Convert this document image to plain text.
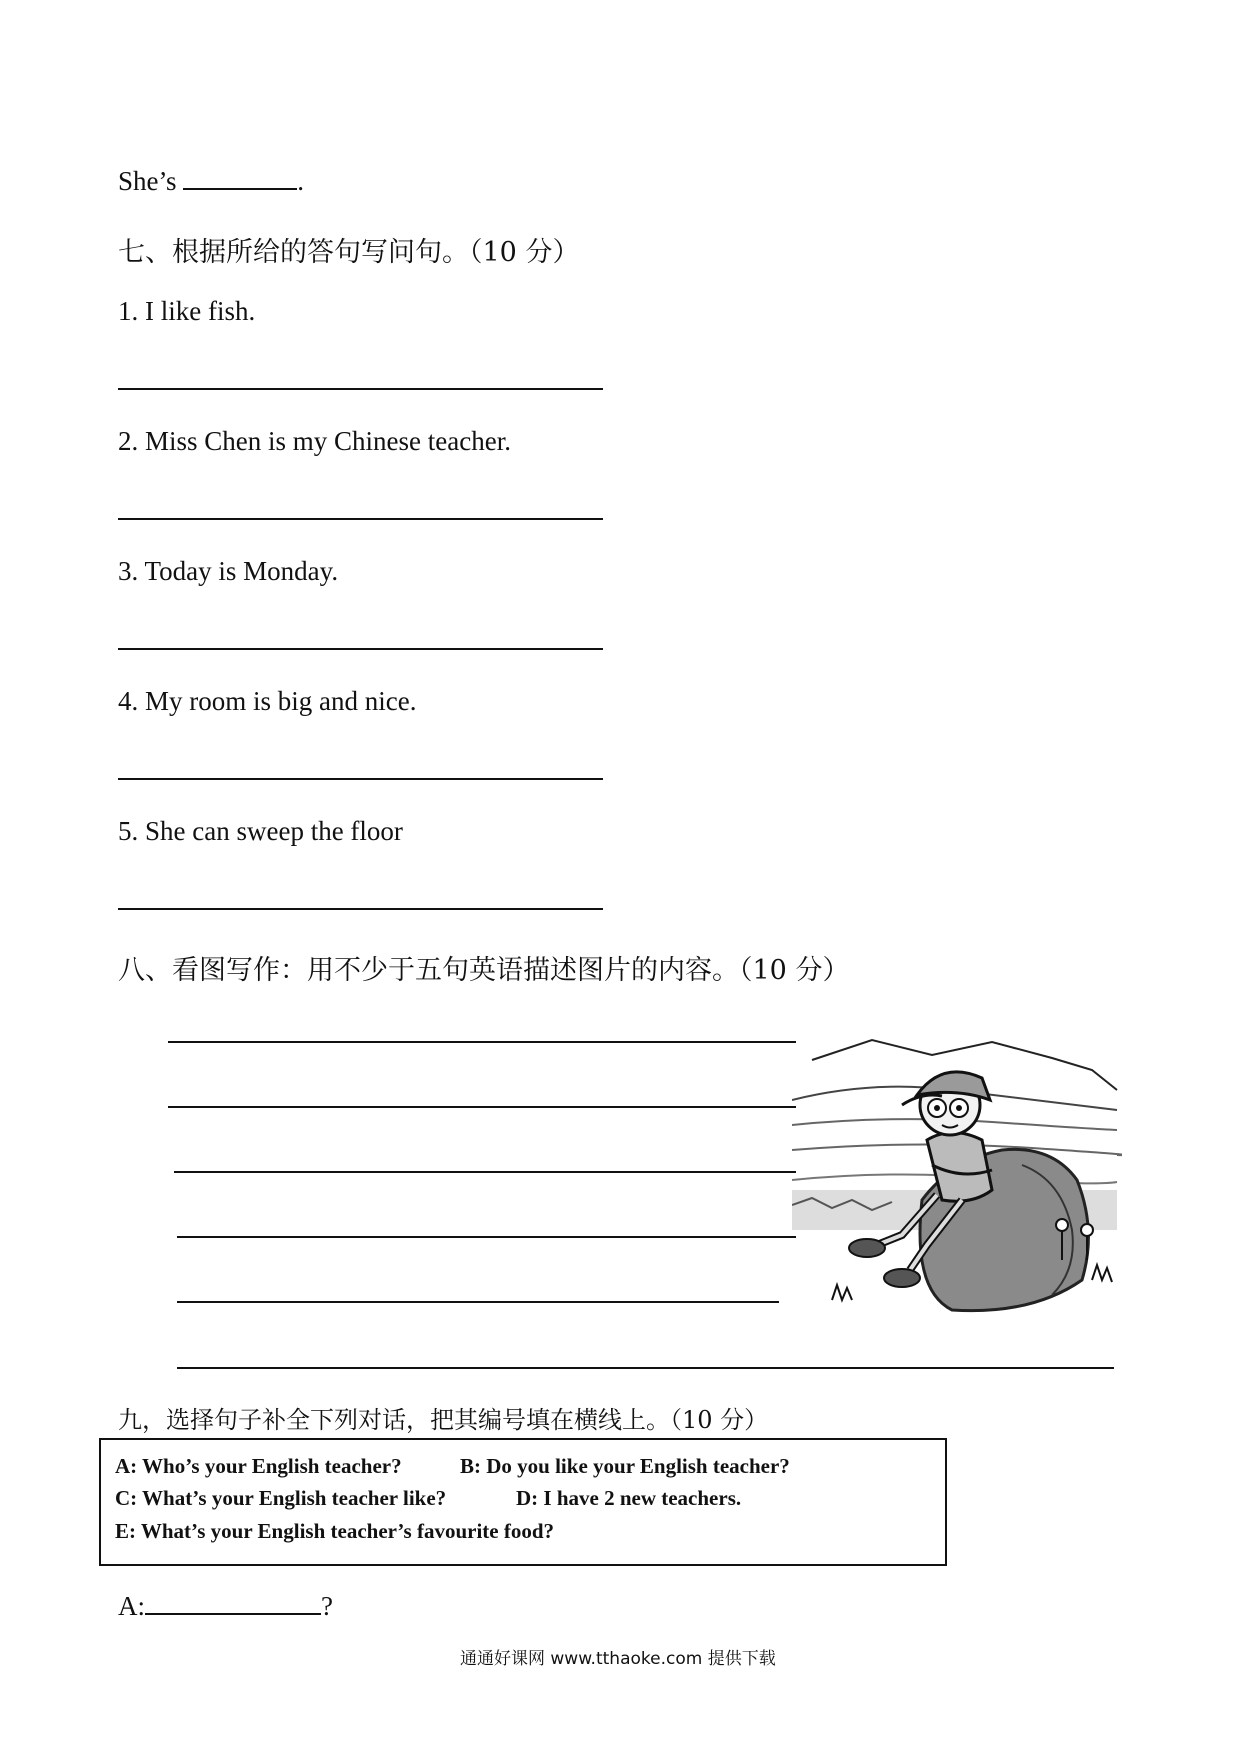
She’s	.
七、根据所给的答句写问句。（10 分）
1. I like fish.
2. Miss Chen is my Chinese teacher.
3. Today is Monday.
4. My room is big and nice.
5. She can sweep the floor
八、看图写作：用不少于五句英语描述图片的内容。（10 分）
九，选择句子补全下列对话，把其编号填在横线上。（10 分）
A: Who’s your English teacher?	B: Do you like your English teacher?
C: What’s your English teacher like?	D: I have 2 new teachers.
E: What’s your English teacher’s favourite food?
A:	?
通通好课网 www.tthaoke.com 提供下载
